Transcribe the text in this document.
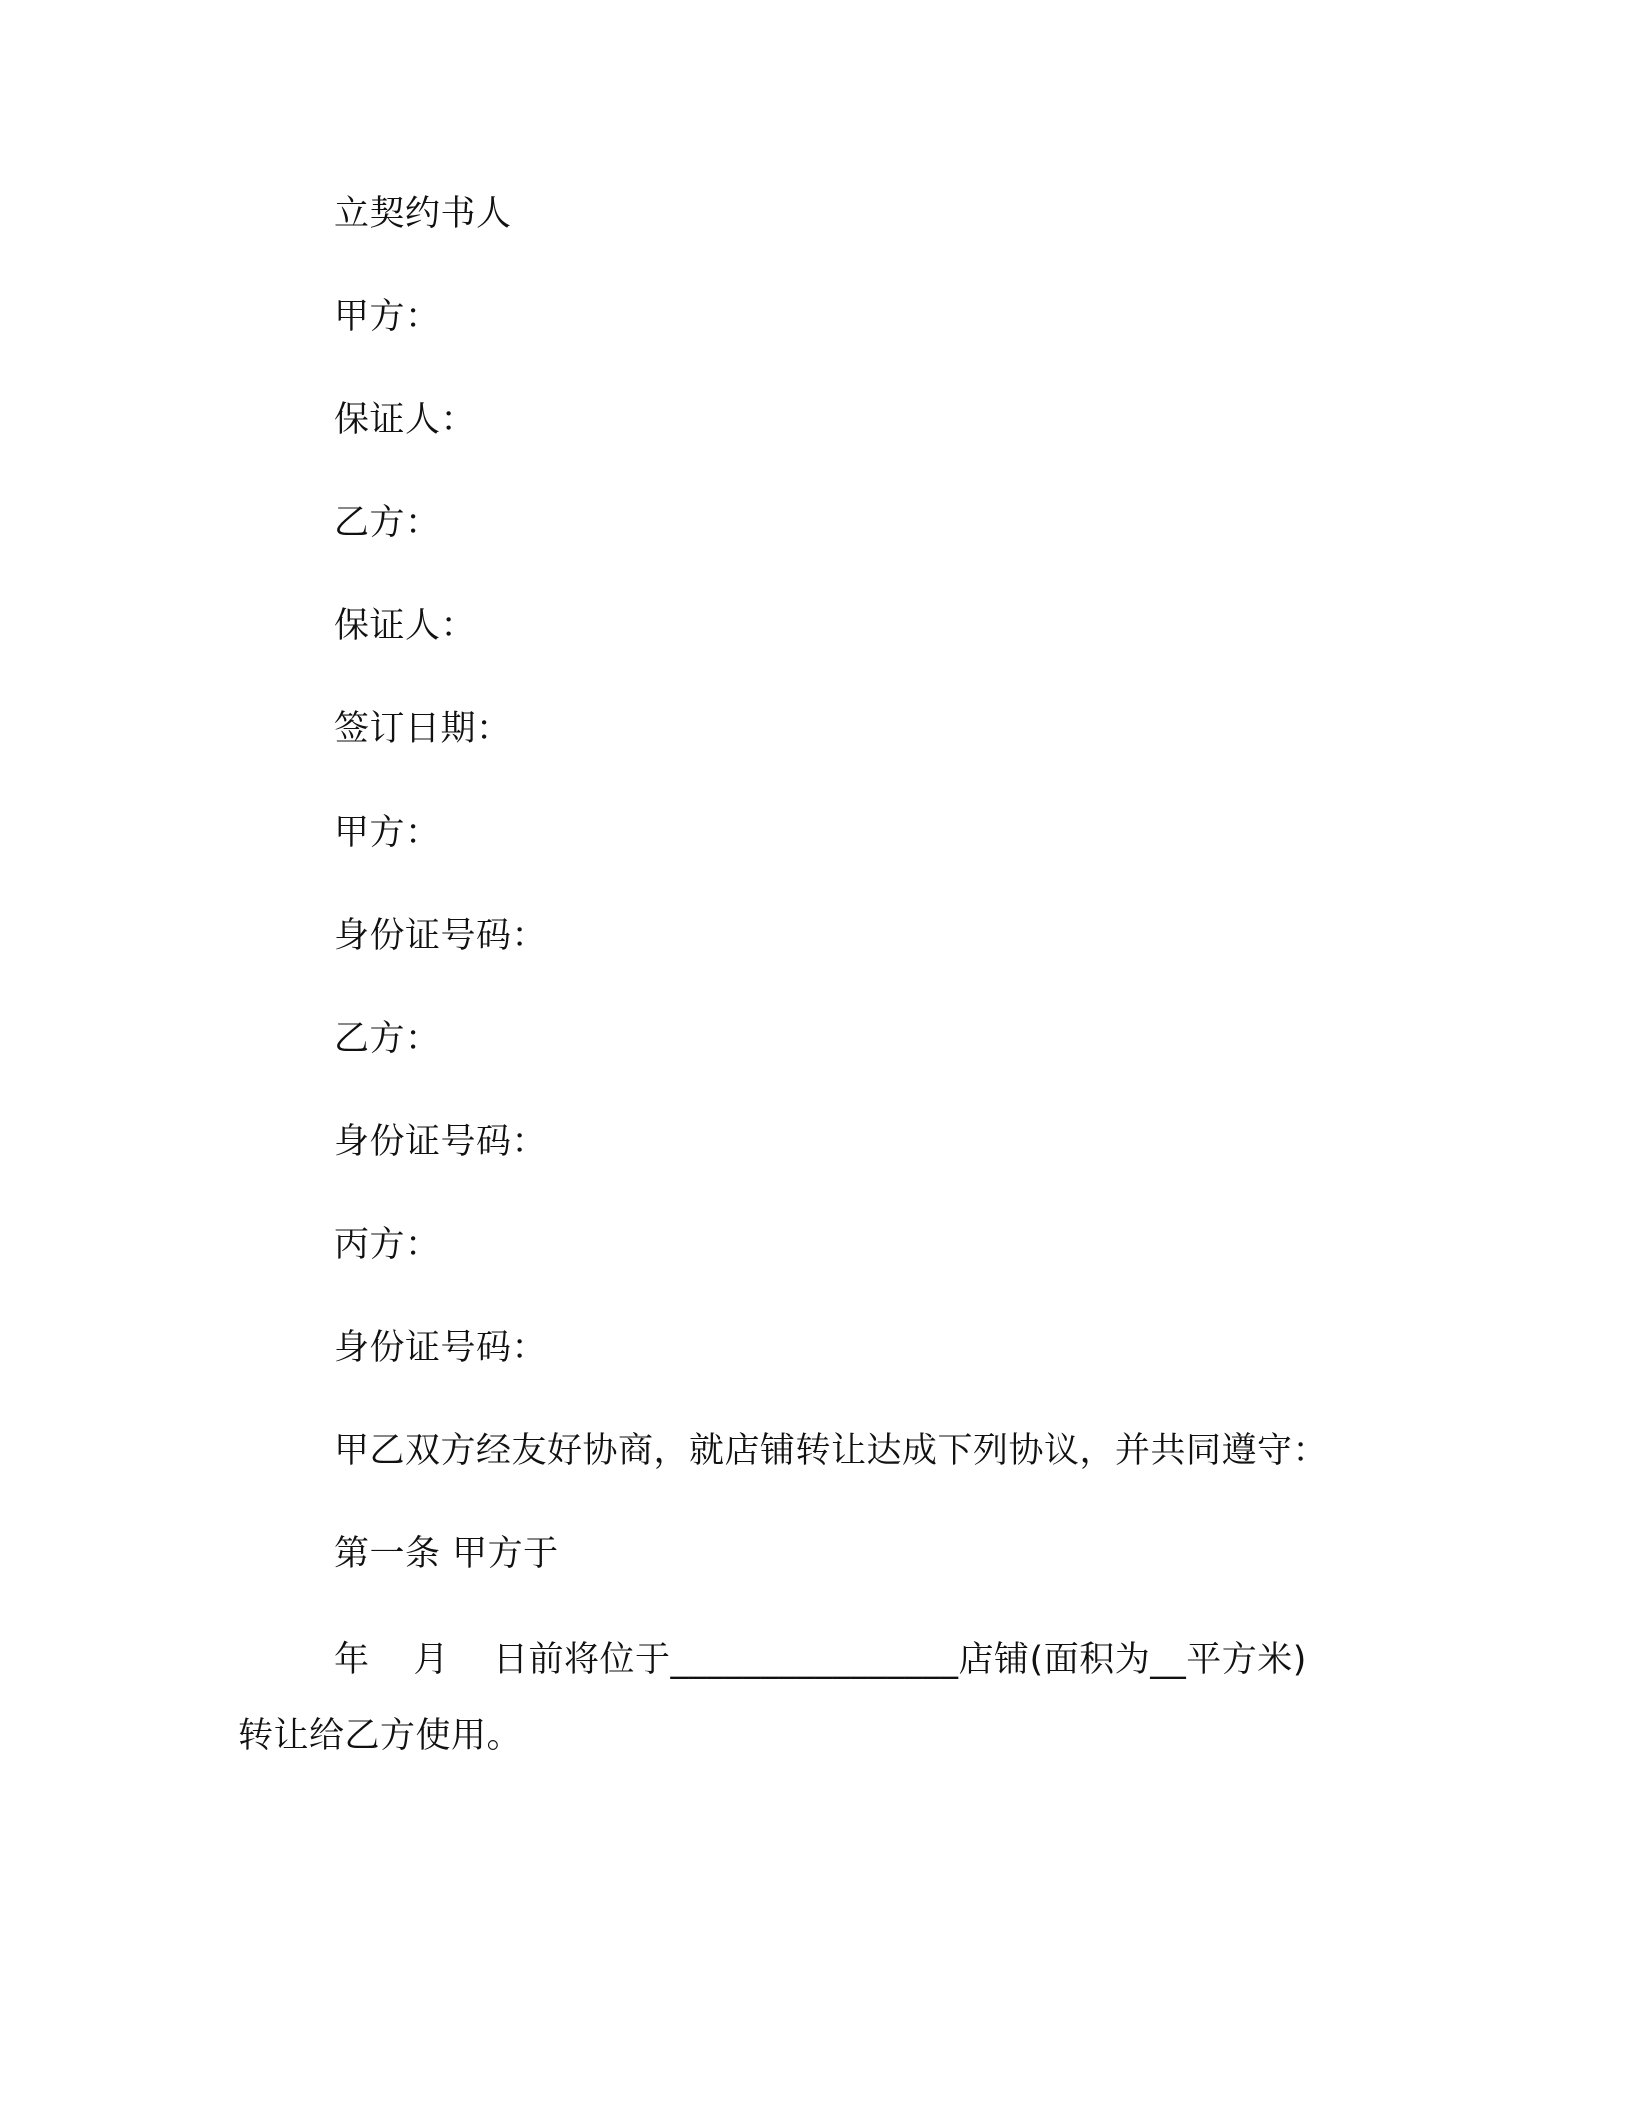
立契约书人
甲方：
保证人：
乙方：
保证人：
签订日期：
甲方：
身份证号码：
乙方：
身份证号码：
丙方：
身份证号码：
甲乙双方经友好协商，就店铺转让达成下列协议，并共同遵守：
第一条 甲方于
年 月 日前将位于________________店铺(面积为__平方米)
转让给乙方使用。
